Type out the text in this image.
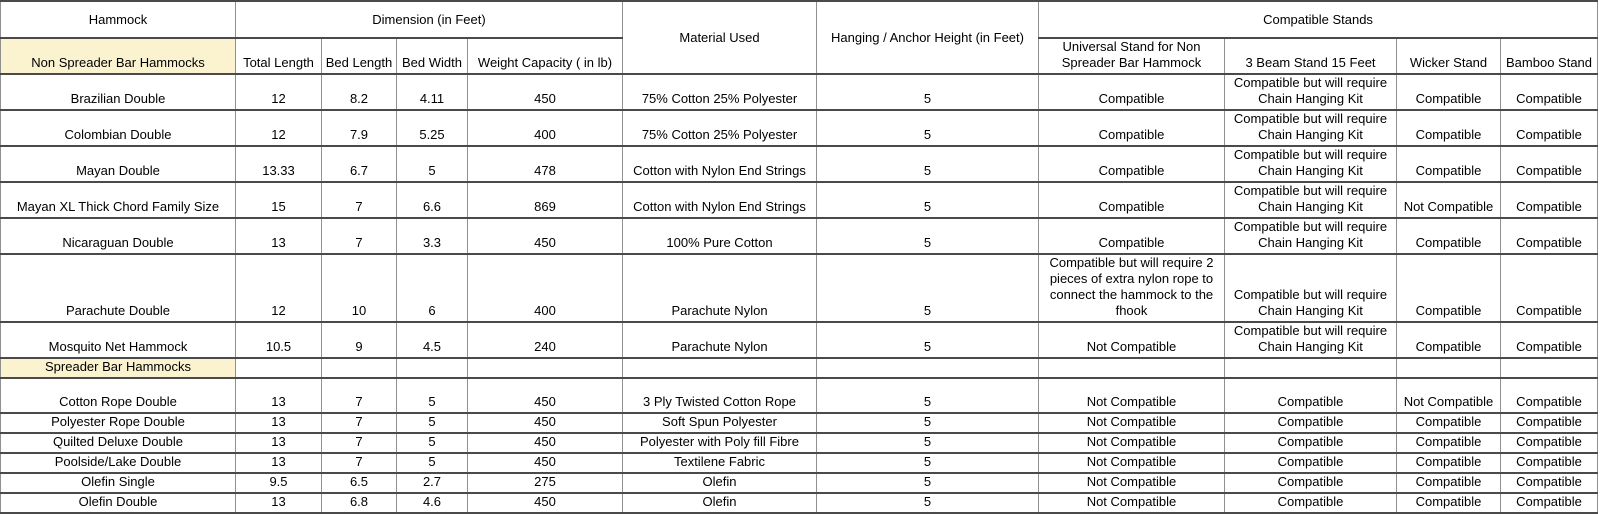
Hammock	Dimension (in Feet)				Material Used	Hanging / Anchor Height (in Feet)	Compatible Stands			
Non Spreader Bar Hammocks	Total Length	Bed Length	Bed Width	Weight Capacity ( in lb)			Universal Stand for Non Spreader Bar Hammock	3 Beam Stand 15 Feet	Wicker Stand	Bamboo Stand
Brazilian Double	12	8.2	4.11	450	75% Cotton 25% Polyester	5	Compatible	Compatible but will require Chain Hanging Kit	Compatible	Compatible
Colombian Double	12	7.9	5.25	400	75% Cotton 25% Polyester	5	Compatible	Compatible but will require Chain Hanging Kit	Compatible	Compatible
Mayan Double	13.33	6.7	5	478	Cotton with Nylon End Strings	5	Compatible	Compatible but will require Chain Hanging Kit	Compatible	Compatible
Mayan XL Thick Chord Family Size	15	7	6.6	869	Cotton with Nylon End Strings	5	Compatible	Compatible but will require Chain Hanging Kit	Not Compatible	Compatible
Nicaraguan Double	13	7	3.3	450	100% Pure Cotton	5	Compatible	Compatible but will require Chain Hanging Kit	Compatible	Compatible
Parachute Double	12	10	6	400	Parachute Nylon	5	Compatible but will require 2 pieces of extra nylon rope to connect the hammock to the fhook	Compatible but will require Chain Hanging Kit	Compatible	Compatible
Mosquito Net Hammock	10.5	9	4.5	240	Parachute Nylon	5	Not Compatible	Compatible but will require Chain Hanging Kit	Compatible	Compatible
Spreader Bar Hammocks										
Cotton Rope Double	13	7	5	450	3 Ply Twisted Cotton Rope	5	Not Compatible	Compatible	Not Compatible	Compatible
Polyester Rope Double	13	7	5	450	Soft Spun Polyester	5	Not Compatible	Compatible	Compatible	Compatible
Quilted Deluxe Double	13	7	5	450	Polyester with Poly fill Fibre	5	Not Compatible	Compatible	Compatible	Compatible
Poolside/Lake Double	13	7	5	450	Textilene Fabric	5	Not Compatible	Compatible	Compatible	Compatible
Olefin Single	9.5	6.5	2.7	275	Olefin	5	Not Compatible	Compatible	Compatible	Compatible
Olefin Double	13	6.8	4.6	450	Olefin	5	Not Compatible	Compatible	Compatible	Compatible
